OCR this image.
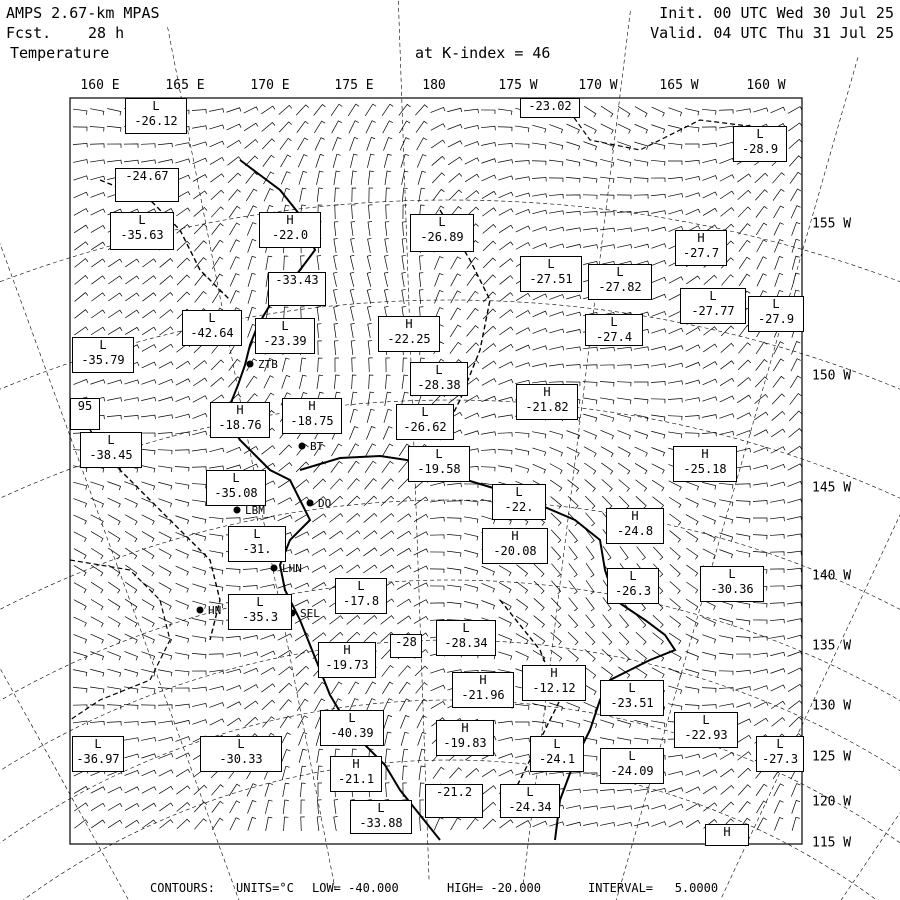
AMPS 2.67-km MPAS
Fcst. 28 h
Temperature	at K-index = 46
Init. 00 UTC Wed 30 Jul 25
Valid. 04 UTC Thu 31 Jul 25
160 E	165 E	170 E	175 E	180	175 W	170 W	165 W	160 W
155 W
150 W
145 W
140 W
135 W
130 W
125 W
120 W
115 W
L
-26.12
-23.02
L
-28.9
-24.67
L
-35.63
H
-22.0
L
-26.89	H
-27.7
L
-27.51	L
-27.82
-33.43
L
-27.77	L
-27.9
L
-42.64	L
-23.39
H
-22.25
L
-27.4
L
-35.79
L
-28.38	H
-21.82
95	H
-18.76
H
-18.75
L
-26.62
L
-38.45	L
-19.58
H
-25.18
L
-35.08	L
-22.
H
-20.08
H
-24.8
L
-31.
L
-26.3
L
-30.36
L
-17.8
L
-35.3
L
-28.34
-28
H
-19.73
H
-21.96
H
-12.12	L
-23.51
L
-40.39	H
-19.83
L
-22.93
L
-36.97
L
-30.33	H
-21.1
L
-24.1	L
-24.09
L
-27.3
-21.2	L
-24.34
L
-33.88
H
ZTB
BT
LBM
DO
LHN
HN	SEL
CONTOURS: UNITS=°C LOW= -40.000	HIGH= -20.000	INTERVAL=   5.0000
